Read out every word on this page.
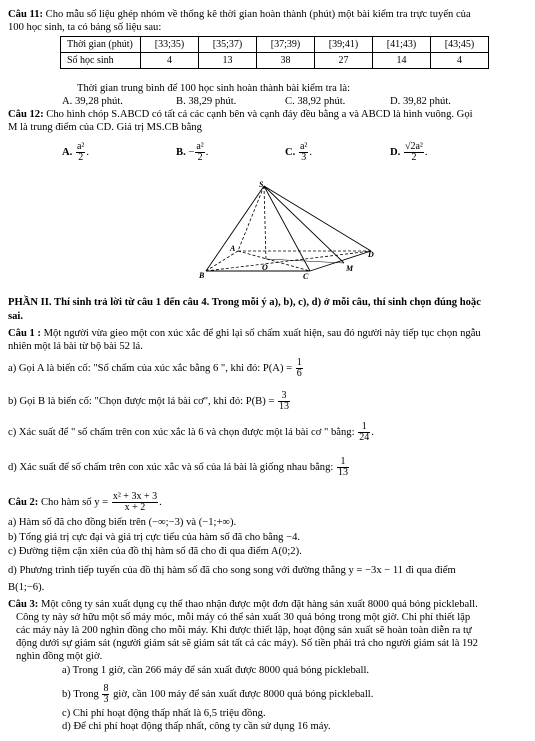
Câu 11: Cho mẫu số liệu ghép nhóm về thống kê thời gian hoàn thành (phút) một bài kiểm tra trực tuyến của
100 học sinh, ta có bảng số liệu sau:
Thời gian (phút)	[33;35)	[35;37)	[37;39)	[39;41)	[41;43)	[43;45)
Số học sinh	4	13	38	27	14	4
Thời gian trung bình để 100 học sinh hoàn thành bài kiểm tra là:
A. 39,28 phút.	B. 38,29 phút.	C. 38,92 phút.	D. 39,82 phút.
Câu 12: Cho hình chóp S.ABCD có tất cả các cạnh bên và cạnh đáy đều bằng a và ABCD là hình vuông. Gọi
M là trung điểm của CD. Giá trị MS.CB bằng
A. $\frac{\text{a²}}{2}$ .	B. − $\frac{\text{a²}}{2}$ .	C. $\frac{\text{a²}}{3}$ .	D. $\frac{\text{√2a²}}{2}$ .
S
A
D
B	C
O	M
PHẦN II. Thí sinh trả lời từ câu 1 đến câu 4. Trong mỗi ý a), b), c), d) ở mỗi câu, thí sinh chọn đúng hoặc
sai.
Câu 1 : Một người vừa gieo một con xúc xắc để ghi lại số chấm xuất hiện, sau đó người này tiếp tục chọn ngẫu
nhiên một lá bài từ bộ bài 52 lá.
a) Gọi A là biến cố: "Số chấm của xúc xắc bằng 6 ", khi đó: $P(A) = \frac{1}{6}$
b) Gọi B là biến cố: "Chọn được một lá bài cơ", khi đó: $P(B) = \frac{3}{13}$
c) Xác suất để " số chấm trên con xúc xắc là 6 và chọn được một lá bài cơ " bằng: $\frac{1}{24}$ .
d) Xác suất để số chấm trên con xúc xắc và số của lá bài là giống nhau bằng: $\frac{1}{13}$
Câu 2: Cho hàm số $y = \frac{\text{x² + 3x + 3}}{x + 2}$ .
a) Hàm số đã cho đồng biến trên (−∞;−3) và (−1;+∞).
b) Tổng giá trị cực đại và giá trị cực tiểu của hàm số đã cho bằng −4.
c) Đường tiệm cận xiên của đồ thị hàm số đã cho đi qua điểm A(0;2).
d) Phương trình tiếp tuyến của đồ thị hàm số đã cho song song với đường thẳng y = −3x − 11 đi qua điểm
B(1;−6).
Câu 3: Một công ty sản xuất dụng cụ thể thao nhận được một đơn đặt hàng sản xuất 8000 quả bóng pickleball.
Công ty này sở hữu một số máy móc, mỗi máy có thể sản xuất 30 quả bóng trong một giờ. Chi phí thiết lập
các máy này là 200 nghìn đồng cho mỗi máy. Khi được thiết lập, hoạt động sản xuất sẽ hoàn toàn diễn ra tự
động dưới sự giám sát (người giám sát sẽ giám sát tất cả các máy). Số tiền phải trả cho người giám sát là 192
nghìn đồng một giờ.
a) Trong 1 giờ, cần 266 máy để sản xuất được 8000 quả bóng pickleball.
b) Trong $\frac{8}{3}$ giờ, cần 100 máy để sản xuất được 8000 quả bóng pickleball.
c) Chi phí hoạt động thấp nhất là 6,5 triệu đồng.
d) Để chi phí hoạt động thấp nhất, công ty cần sử dụng 16 máy.
